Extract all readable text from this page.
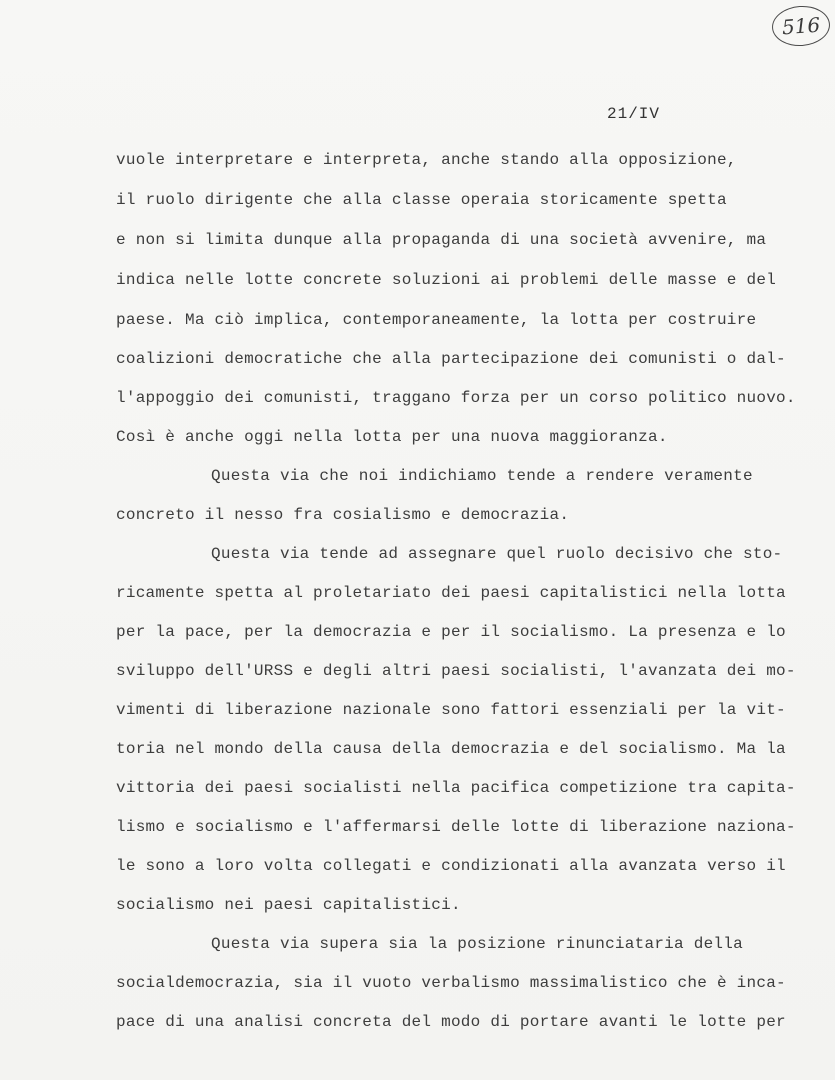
516
21/IV
vuole interpretare e interpreta, anche stando alla opposizione,
il ruolo dirigente che alla classe operaia storicamente spetta
e non si limita dunque alla propaganda di una società avvenire, ma
indica nelle lotte concrete soluzioni ai problemi delle masse e del
paese. Ma ciò implica, contemporaneamente, la lotta per costruire
coalizioni democratiche che alla partecipazione dei comunisti o dal-
l'appoggio dei comunisti, traggano forza per un corso politico nuovo.
Così è anche oggi nella lotta per una nuova maggioranza.
Questa via che noi indichiamo tende a rendere veramente
concreto il nesso fra cosialismo e democrazia.
Questa via tende ad assegnare quel ruolo decisivo che sto-
ricamente spetta al proletariato dei paesi capitalistici nella lotta
per la pace, per la democrazia e per il socialismo. La presenza e lo
sviluppo dell'URSS e degli altri paesi socialisti, l'avanzata dei mo-
vimenti di liberazione nazionale sono fattori essenziali per la vit-
toria nel mondo della causa della democrazia e del socialismo. Ma la
vittoria dei paesi socialisti nella pacifica competizione tra capita-
lismo e socialismo e l'affermarsi delle lotte di liberazione naziona-
le sono a loro volta collegati e condizionati alla avanzata verso il
socialismo nei paesi capitalistici.
Questa via supera sia la posizione rinunciataria della
socialdemocrazia, sia il vuoto verbalismo massimalistico che è inca-
pace di una analisi concreta del modo di portare avanti le lotte per
